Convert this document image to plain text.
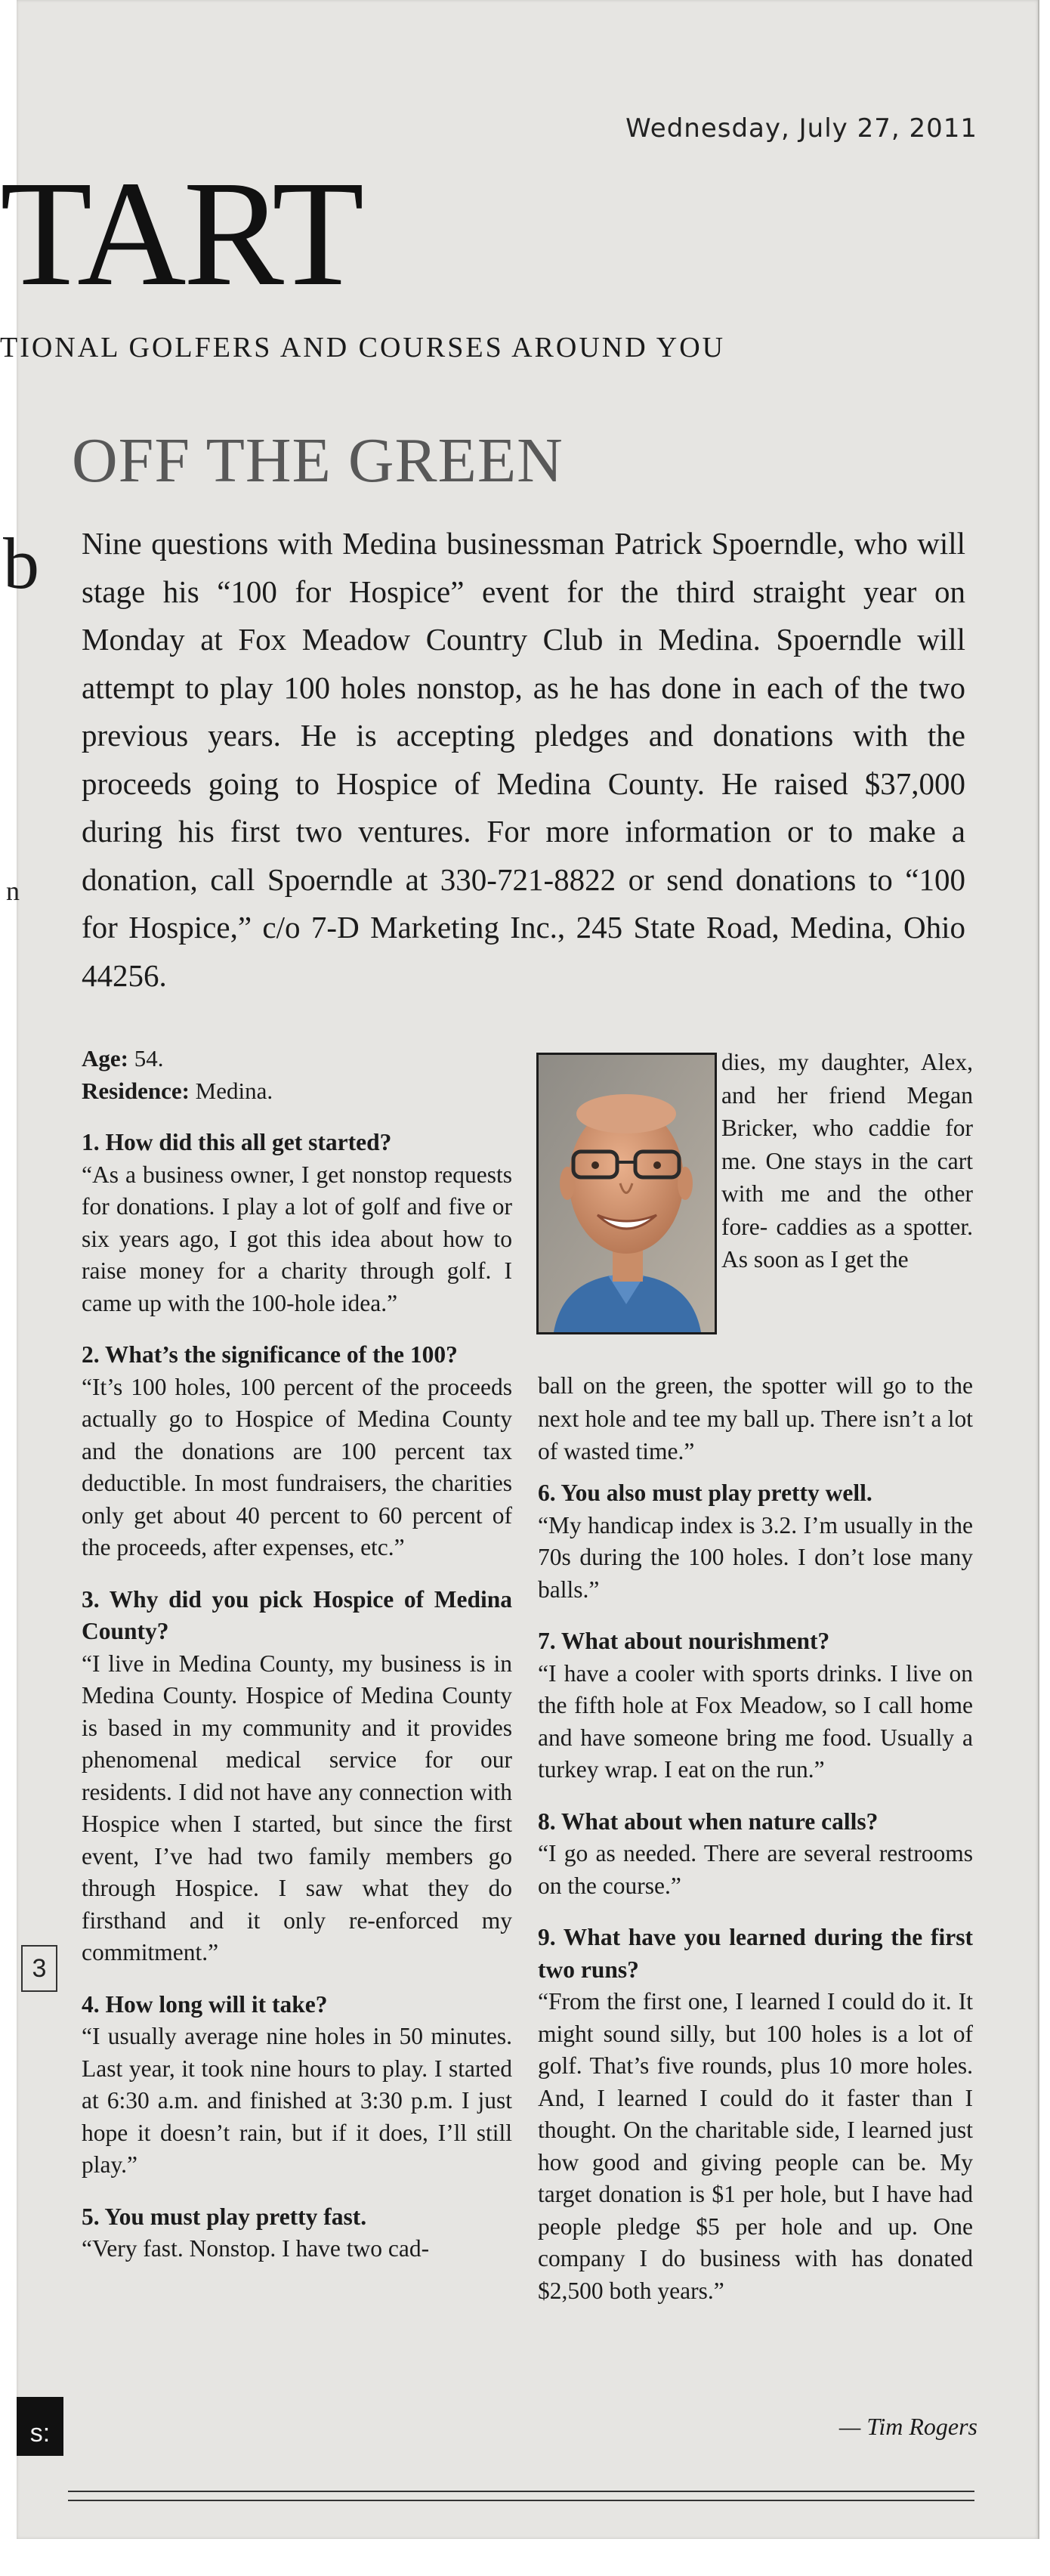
Wednesday, July 27, 2011
TART
TIONAL GOLFERS AND COURSES AROUND YOU
OFF THE GREEN
b Nine questions with Medina businessman Patrick Spoerndle, who will stage his “100 for Hospice” event for the third straight year on Monday at Fox Meadow Country Club in Medina. Spoerndle will attempt to play 100 holes nonstop, as he has done in each of the two previous years. He is accepting pledges and donations with the proceeds going to Hospice of Medina County. He raised $37,000 during his first two ventures. For more information or to make a donation, call Spoerndle at 330-721-8822 or send donations to “100 for Hospice,” c/o 7-D Marketing Inc., 245 State Road, Medina, Ohio 44256.
n

Age: 54.

Residence: Medina.

1. How did this all get started?

“As a business owner, I get nonstop requests for donations. I play a lot of golf and five or six years ago, I got this idea about how to raise money for a charity through golf. I came up with the 100-hole idea.”

2. What’s the significance of the 100?

“It’s 100 holes, 100 percent of the proceeds actually go to Hospice of Medina County and the donations are 100 percent tax deductible. In most fundraisers, the charities only get about 40 percent to 60 percent of the proceeds, after expenses, etc.”

3. Why did you pick Hospice of Medina County?

“I live in Medina County, my business is in Medina County. Hospice of Medina County is based in my community and it provides phenomenal medical service for our residents. I did not have any connection with Hospice when I started, but since the first event, I’ve had two family members go through Hospice. I saw what they do firsthand and it only re-enforced my commitment.”

4. How long will it take?

“I usually average nine holes in 50 minutes. Last year, it took nine hours to play. I started at 6:30 a.m. and finished at 3:30 p.m. I just hope it doesn’t rain, but if it does, I’ll still play.”

5. You must play pretty fast.

“Very fast. Nonstop. I have two cad-

dies, my daughter, Alex, and her friend Megan Bricker, who caddie for me. One stays in the cart with me and the other fore- caddies as a spotter. As soon as I get the
ball on the green, the spotter will go to the next hole and tee my ball up. There isn’t a lot of wasted time.”

6. You also must play pretty well.

“My handicap index is 3.2. I’m usually in the 70s during the 100 holes. I don’t lose many balls.”

7. What about nourishment?

“I have a cooler with sports drinks. I live on the fifth hole at Fox Meadow, so I call home and have someone bring me food. Usually a turkey wrap. I eat on the run.”

8. What about when nature calls?

“I go as needed. There are several restrooms on the course.”

9. What have you learned during the first two runs?

“From the first one, I learned I could do it. It might sound silly, but 100 holes is a lot of golf. That’s five rounds, plus 10 more holes. And, I learned I could do it faster than I thought. On the charitable side, I learned just how good and giving people can be. My target donation is $1 per hole, but I have had people pledge $5 per hole and up. One company I do business with has donated $2,500 both years.”

— Tim Rogers
3
s:
